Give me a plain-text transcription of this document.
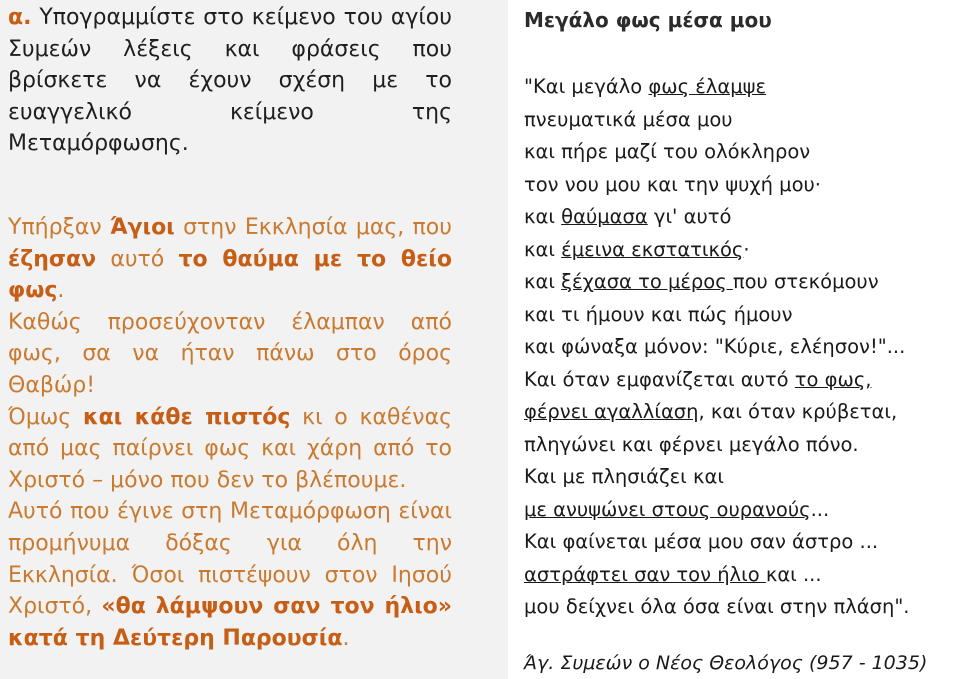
α. Υπογραμμίστε στο κείμενο του αγίου Συμεών λέξεις και φράσεις που βρίσκετε να έχουν σχέση με το ευαγγελικό κείμενο της Μεταμόρφωσης.

Υπήρξαν Άγιοι στην Εκκλησία μας, που έζησαν αυτό το θαύμα με το θείο φως.

Καθώς προσεύχονταν έλαμπαν από φως, σα να ήταν πάνω στο όρος Θαβώρ!

Όμως και κάθε πιστός κι ο καθένας από μας παίρνει φως και χάρη από το Χριστό – μόνο που δεν το βλέπουμε.

Αυτό που έγινε στη Μεταμόρφωση είναι προμήνυμα δόξας για όλη την Εκκλησία. Όσοι πιστέψουν στον Ιησού Χριστό, «θα λάμψουν σαν τον ήλιο» κατά τη Δεύτερη Παρουσία.

Μεγάλο φως μέσα μου
"Και μεγάλο φως έλαμψε
πνευματικά μέσα μου
και πήρε μαζί του ολόκληρον
τον νου μου και την ψυχή μου·
και θαύμασα γι' αυτό
και έμεινα εκστατικός·
και ξέχασα το μέρος που στεκόμουν
και τι ήμουν και πώς ήμουν
και φώναξα μόνον: "Κύριε, ελέησον!"...
Και όταν εμφανίζεται αυτό το φως,
φέρνει αγαλλίαση, και όταν κρύβεται,
πληγώνει και φέρνει μεγάλο πόνο.
Και με πλησιάζει και
με ανυψώνει στους ουρανούς...
Και φαίνεται μέσα μου σαν άστρο ...
αστράφτει σαν τον ήλιο και ...
μου δείχνει όλα όσα είναι στην πλάση".
Άγ. Συμεών ο Νέος Θεολόγος (957 - 1035)
